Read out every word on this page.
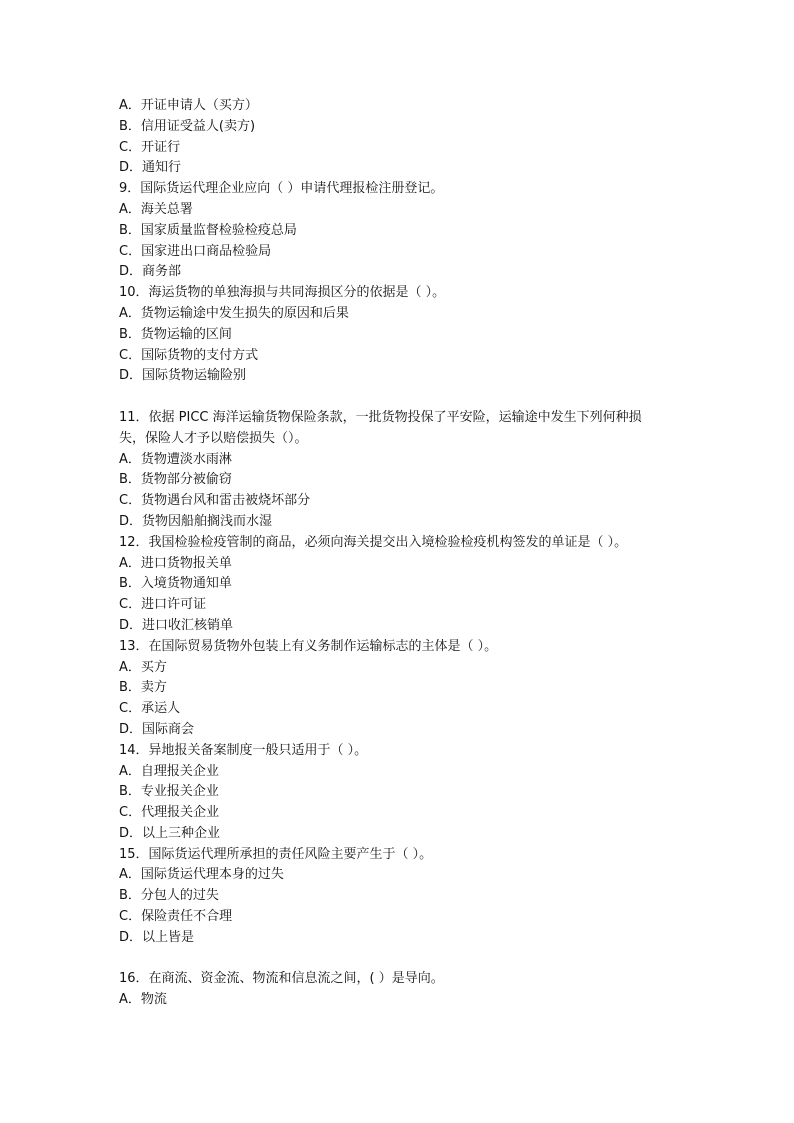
A．开证申请人（买方）
B．信用证受益人(卖方)
C．开证行
D．通知行
9．国际货运代理企业应向（ ）申请代理报检注册登记。
A．海关总署
B．国家质量监督检验检疫总局
C．国家进出口商品检验局
D．商务部
10．海运货物的单独海损与共同海损区分的依据是（ ）。
A．货物运输途中发生损失的原因和后果
B．货物运输的区间
C．国际货物的支付方式
D．国际货物运输险别
11．依据 PICC 海洋运输货物保险条款，一批货物投保了平安险，运输途中发生下列何种损
失，保险人才予以赔偿损失（）。
A．货物遭淡水雨淋
B．货物部分被偷窃
C．货物遇台风和雷击被烧坏部分
D．货物因船舶搁浅而水湿
12．我国检验检疫管制的商品，必须向海关提交出入境检验检疫机构签发的单证是（ ）。
A．进口货物报关单
B．入境货物通知单
C．进口许可证
D．进口收汇核销单
13．在国际贸易货物外包装上有义务制作运输标志的主体是（ ）。
A．买方
B．卖方
C．承运人
D．国际商会
14．异地报关备案制度一般只适用于（ ）。
A．自理报关企业
B．专业报关企业
C．代理报关企业
D．以上三种企业
15．国际货运代理所承担的责任风险主要产生于（ ）。
A．国际货运代理本身的过失
B．分包人的过失
C．保险责任不合理
D．以上皆是
16．在商流、资金流、物流和信息流之间，( ）是导向。
A．物流
